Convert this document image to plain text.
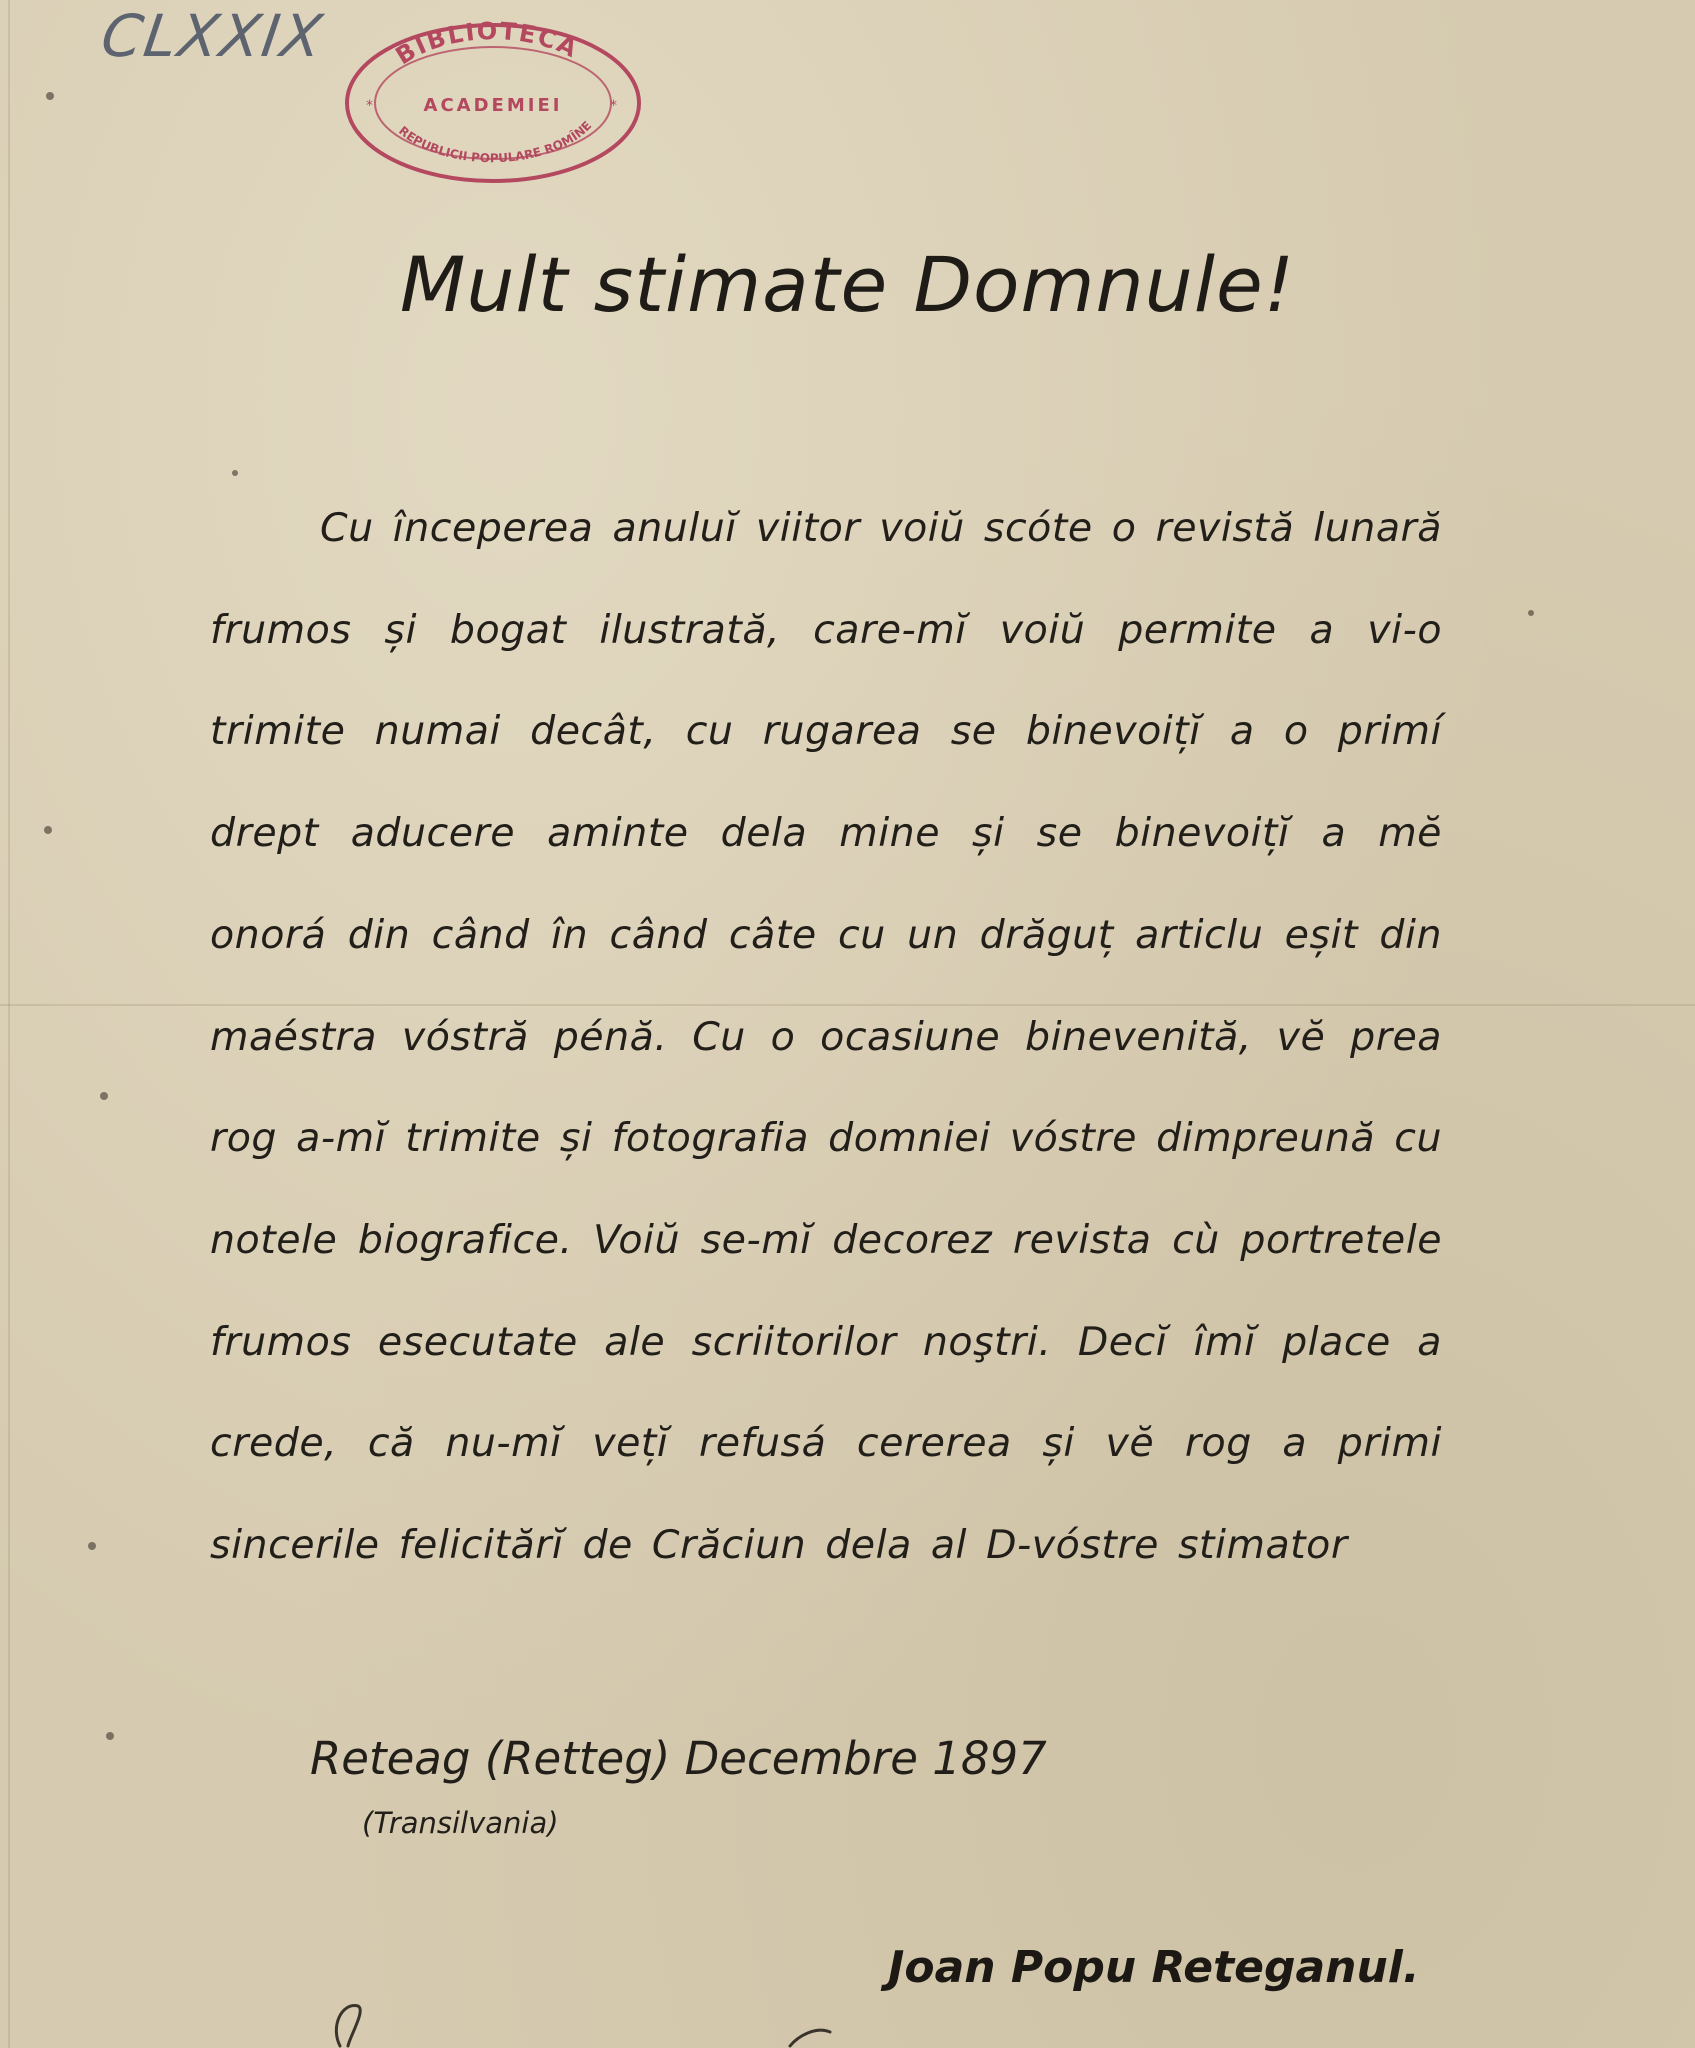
CLXXIX	BIBLIOTECA
ACADEMIEI
REPUBLICII POPULARE ROMÎNE
*	*
Mult stimate Domnule!
Cu începerea anuluĭ viitor voiŭ scóte o revistă lunară frumos și bogat ilustrată, care-mĭ voiŭ permite a vi-o trimite numai decât, cu rugarea se binevoițĭ a o primí drept aducere aminte dela mine și se binevoițĭ a mĕ onorá din când în când câte cu un drăguț articlu eșit din maéstra vóstră pénă. Cu o ocasiune binevenită, vĕ prea rog a-mĭ trimite și fotografia domniei vóstre dimpreună cu notele biografice. Voiŭ se-mĭ decorez revista cù portretele frumos esecutate ale scriitorilor noştri. Decĭ îmĭ place a crede, că nu-mĭ vețĭ refusá cererea și vĕ rog a primi sincerile felicitărĭ de Crăciun dela al D-vóstre stimator
Reteag (Retteg) Decembre 1897
(Transilvania)
Joan Popu Reteganul.
